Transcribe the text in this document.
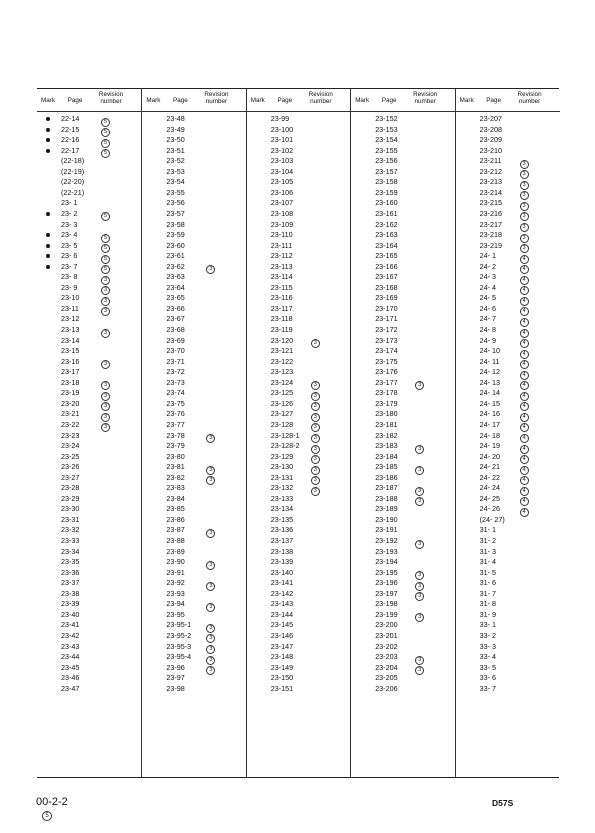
Mark	Page
Revision number
22-14	5
22-15	5
22-16	5
22-17	5
(22-18)
(22-19)
(22-20)
(22-21)
23- 1
23- 2	5
23- 3
23- 4	5
23- 5	5
23- 6	5
23- 7	5
23- 8	3
23- 9	3
23-10	3
23-11	3
23-12
23-13	3
23-14
23-15
23-16	3
23-17
23-18	3
23-19	3
23-20	3
23-21	3
23-22	3
23-23
23-24
23-25
23-26
23-27
23-28
23-29
23-30
23-31
23-32
23-33
23-34
23-35
23-36
23-37
23-38
23-39
23-40
23-41
23-42
23-43
23-44
23-45
23-46
23-47
Mark	Page
Revision number
23-48
23-49
23-50
23-51
23-52
23-53
23-54
23-55
23-56
23-57
23-58
23-59
23-60
23-61
23-62	3
23-63
23-64
23-65
23-66
23-67
23-68
23-69
23-70
23-71
23-72
23-73
23-74
23-75
23-76
23-77
23-78	3
23-79
23-80
23-81	3
23-82	3
23-83
23-84
23-85
23-86
23-87	3
23-88
23-89
23-90	3
23-91
23-92	3
23-93
23-94	3
23-95
23-95-1	3
23-95-2	3
23-95-3	3
23-95-4	3
23-96	3
23-97
23-98
Mark	Page
Revision number
23-99
23-100
23-101
23-102
23-103
23-104
23-105
23-106
23-107
23-108
23-109
23-110
23-111
23-112
23-113
23-114
23-115
23-116
23-117
23-118
23-119
23-120	3
23-121
23-122
23-123
23-124	3
23-125	3
23-126	3
23-127	3
23-128	3
23-128-1	3
23-128-2	3
23-129	3
23-130	3
23-131	3
23-132	3
23-133
23-134
23-135
23-136
23-137
23-138
23-139
23-140
23-141
23-142
23-143
23-144
23-145
23-146
23-147
23-148
23-149
23-150
23-151
Mark	Page
Revision number
23-152
23-153
23-154
23-155
23-156
23-157
23-158
23-159
23-160
23-161
23-162
23-163
23-164
23-165
23-166
23-167
23-168
23-169
23-170
23-171
23-172
23-173
23-174
23-175
23-176
23-177	3
23-178
23-179
23-180
23-181
23-182
23-183	3
23-184
23-185	3
23-186
23-187	3
23-188	3
23-189
23-190
23-191
23-192	3
23-193
23-194
23-195	3
23-196	3
23-197	3
23-198
23-199	3
23-200
23-201
23-202
23-203	3
23-204	3
23-205
23-206
Mark	Page
Revision number
23-207
23-208
23-209
23-210
23-211	3
23-212	3
23-213	3
23-214	3
23-215	3
23-216	3
23-217	3
23-218	3
23-219	3
24- 1	4
24- 2	4
24- 3	4
24- 4	4
24- 5	4
24- 6	4
24- 7	4
24- 8	4
24- 9	4
24- 10	4
24- 11	4
24- 12	4
24- 13	4
24- 14	4
24- 15	4
24- 16	4
24- 17	4
24- 18	4
24- 19	4
24- 20	4
24- 21	4
24- 22	4
24- 24	4
24- 25	4
24- 26	4
(24- 27)
31- 1
31- 2
31- 3
31- 4
31- 5
31- 6
31- 7
31- 8
31- 9
33- 1
33- 2
33- 3
33- 4
33- 5
33- 6
33- 7
00-2-2
5
D57S
